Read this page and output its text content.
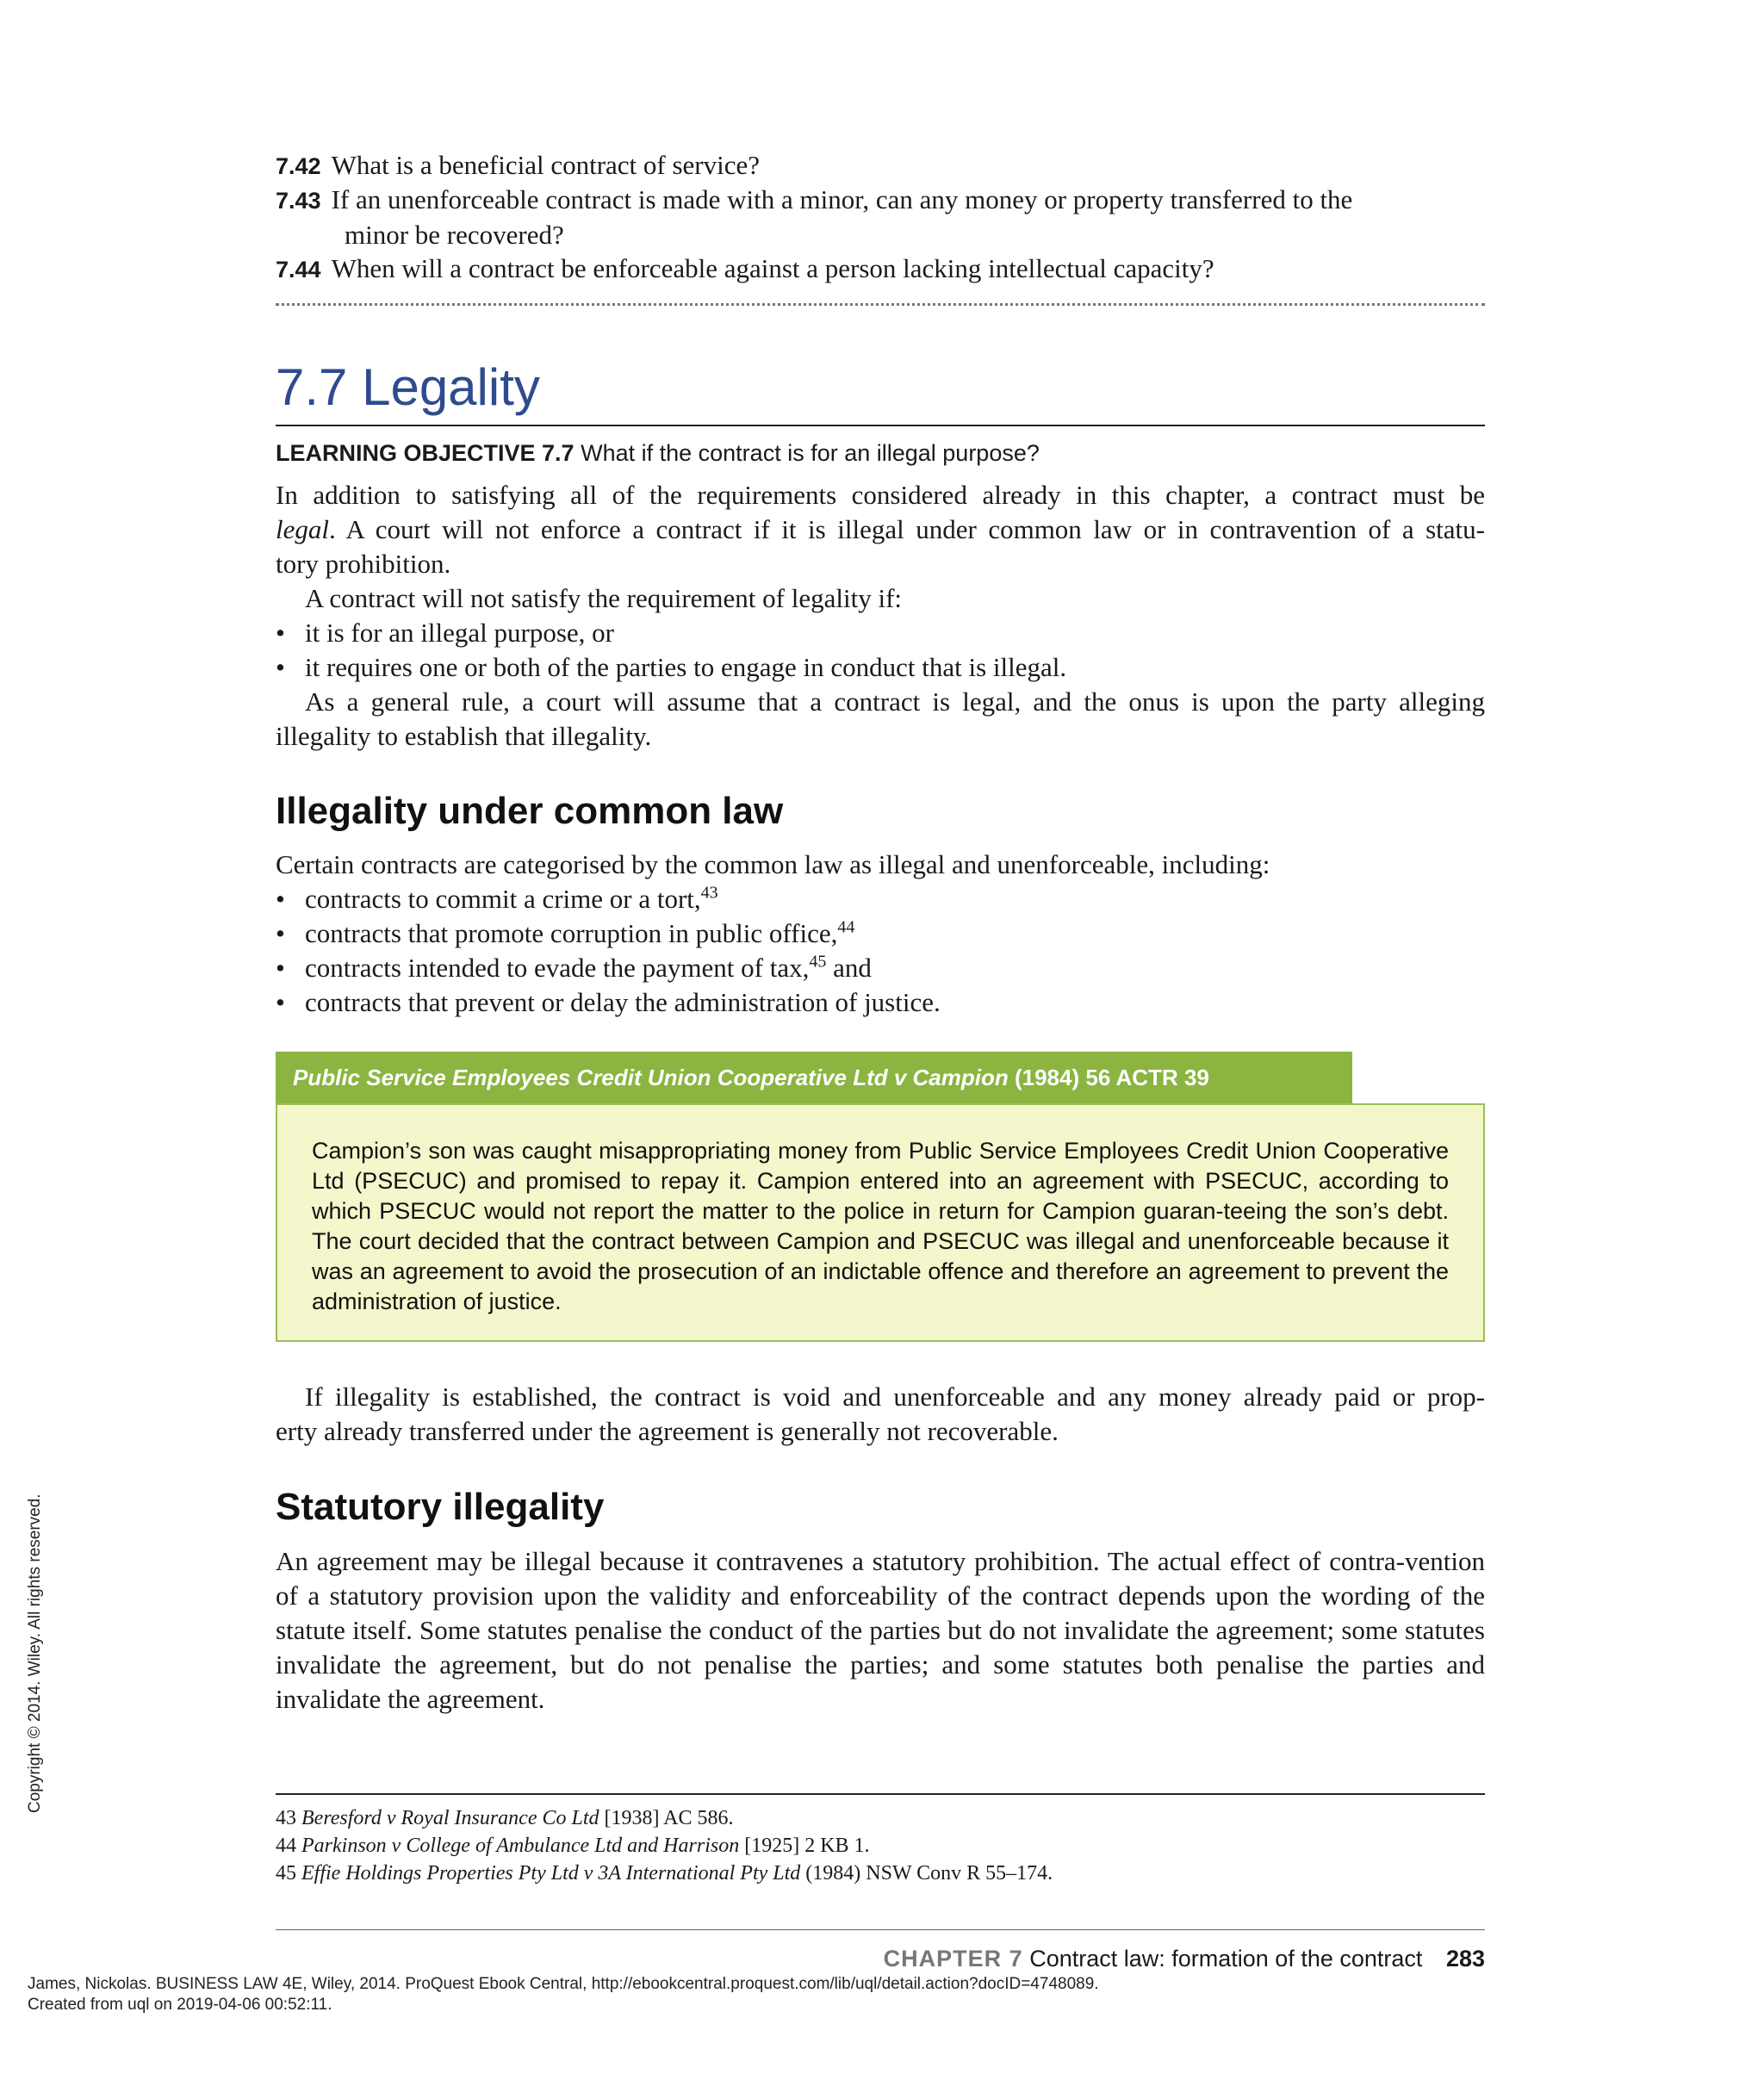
7.42 What is a beneficial contract of service?
7.43 If an unenforceable contract is made with a minor, can any money or property transferred to the
minor be recovered?
7.44 When will a contract be enforceable against a person lacking intellectual capacity?
7.7 Legality
LEARNING OBJECTIVE 7.7 What if the contract is for an illegal purpose?
In addition to satisfying all of the requirements considered already in this chapter, a contract must be
legal. A court will not enforce a contract if it is illegal under common law or in contravention of a statu-
tory prohibition.
A contract will not satisfy the requirement of legality if:
• it is for an illegal purpose, or
• it requires one or both of the parties to engage in conduct that is illegal.
As a general rule, a court will assume that a contract is legal, and the onus is upon the party alleging
illegality to establish that illegality.
Illegality under common law
Certain contracts are categorised by the common law as illegal and unenforceable, including:
• contracts to commit a crime or a tort,$^{43}$
• contracts that promote corruption in public office,$^{44}$
• contracts intended to evade the payment of tax,$^{45}$ and
• contracts that prevent or delay the administration of justice.
Public Service Employees Credit Union Cooperative Ltd v Campion (1984) 56 ACTR 39

Campion’s son was caught misappropriating money from Public Service Employees Credit Union Cooperative Ltd (PSECUC) and promised to repay it. Campion entered into an agreement with PSECUC, according to which PSECUC would not report the matter to the police in return for Campion guaran-teeing the son’s debt. The court decided that the contract between Campion and PSECUC was illegal and unenforceable because it was an agreement to avoid the prosecution of an indictable offence and therefore an agreement to prevent the administration of justice.

If illegality is established, the contract is void and unenforceable and any money already paid or prop-
erty already transferred under the agreement is generally not recoverable.
Statutory illegality

An agreement may be illegal because it contravenes a statutory prohibition. The actual effect of contra-vention of a statutory provision upon the validity and enforceability of the contract depends upon the wording of the statute itself. Some statutes penalise the conduct of the parties but do not invalidate the agreement; some statutes invalidate the agreement, but do not penalise the parties; and some statutes both penalise the parties and invalidate the agreement.

43 Beresford v Royal Insurance Co Ltd [1938] AC 586.
44 Parkinson v College of Ambulance Ltd and Harrison [1925] 2 KB 1.
45 Effie Holdings Properties Pty Ltd v 3A International Pty Ltd (1984) NSW Conv R 55–174.
CHAPTER 7 Contract law: formation of the contract 283
Copyright © 2014. Wiley. All rights reserved.
James, Nickolas. BUSINESS LAW 4E, Wiley, 2014. ProQuest Ebook Central, http://ebookcentral.proquest.com/lib/uql/detail.action?docID=4748089.
Created from uql on 2019-04-06 00:52:11.
